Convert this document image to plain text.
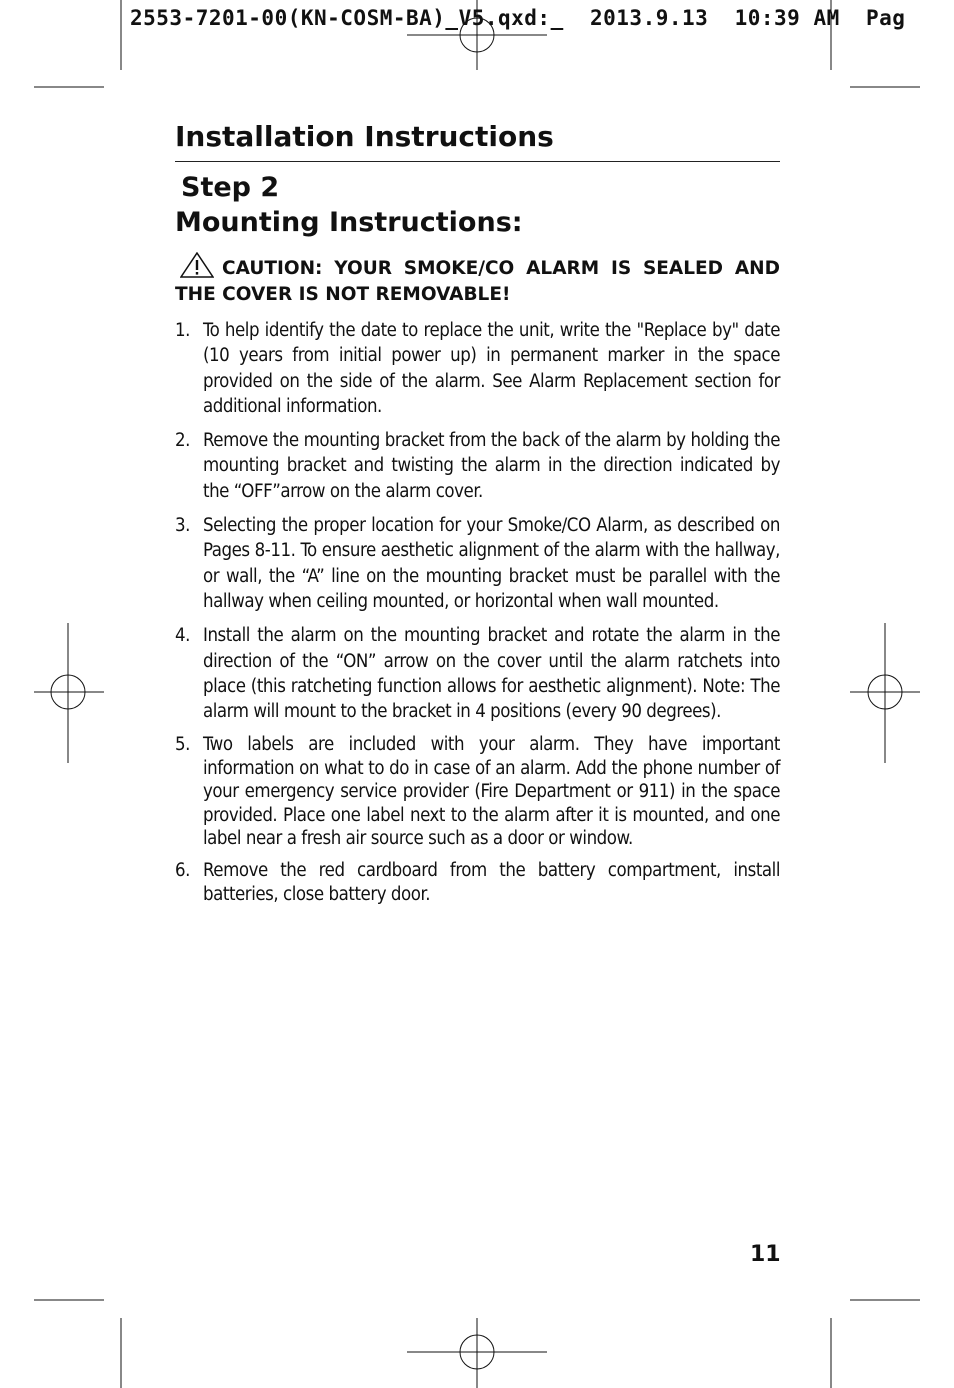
2553-7201-00(KN-COSM-BA)_V5.qxd:_  2013.9.13  10:39 AM  Pag
Installation Instructions
Step 2
Mounting Instructions:
CAUTION: YOUR SMOKE/CO ALARM IS SEALED AND THE COVER IS NOT REMOVABLE!
1. To help identify the date to replace the unit, write the "Replace by" date (10 years from initial power up) in permanent marker in the space provided on the side of the alarm. See Alarm Replacement section for additional information.
2. Remove the mounting bracket from the back of the alarm by holding the mounting bracket and twisting the alarm in the direction indicated by the “OFF”arrow on the alarm cover.
3. Selecting the proper location for your Smoke/CO Alarm, as described on Pages 8-11. To ensure aesthetic alignment of the alarm with the hallway, or wall, the “A” line on the mounting bracket must be parallel with the hallway when ceiling mounted, or horizontal when wall mounted.
4. Install the alarm on the mounting bracket and rotate the alarm in the direction of the “ON” arrow on the cover until the alarm ratchets into place (this ratcheting function allows for aesthetic alignment). Note: The alarm will mount to the bracket in 4 positions (every 90 degrees).
5. Two labels are included with your alarm. They have important information on what to do in case of an alarm. Add the phone number of your emergency service provider (Fire Department or 911) in the space provided. Place one label next to the alarm after it is mounted, and one label near a fresh air source such as a door or window.
6. Remove the red cardboard from the battery compartment, install batteries, close battery door.
11
